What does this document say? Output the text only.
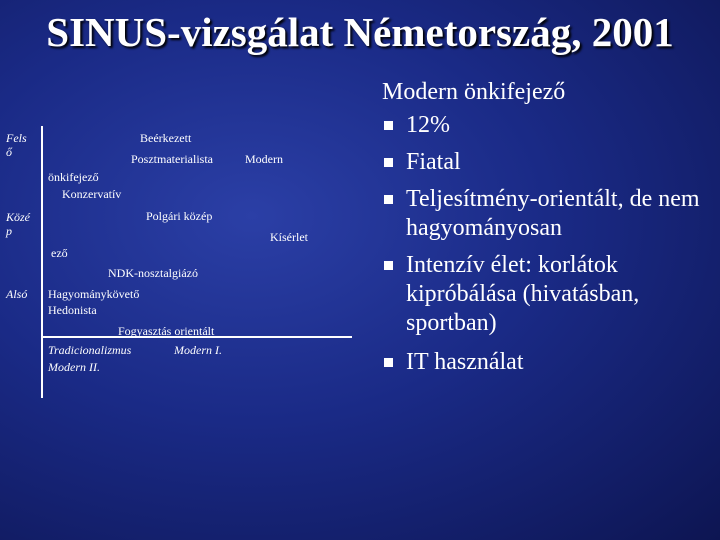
SINUS-vizsgálat Németország, 2001
Fels
ő
Közé
p
Alsó
Beérkezett
Posztmaterialista	Modern
önkifejező
Konzervatív
Polgári közép
Kísérlet
ező
NDK-nosztalgiázó
Hagyománykövető
Hedonista
Fogyasztás orientált
Tradicionalizmus	Modern I.
Modern II.
Modern önkifejező
12%
Fiatal
Teljesítmény-orientált, de nem hagyományosan
Intenzív élet: korlátok kipróbálása (hivatásban, sportban)
IT használat
